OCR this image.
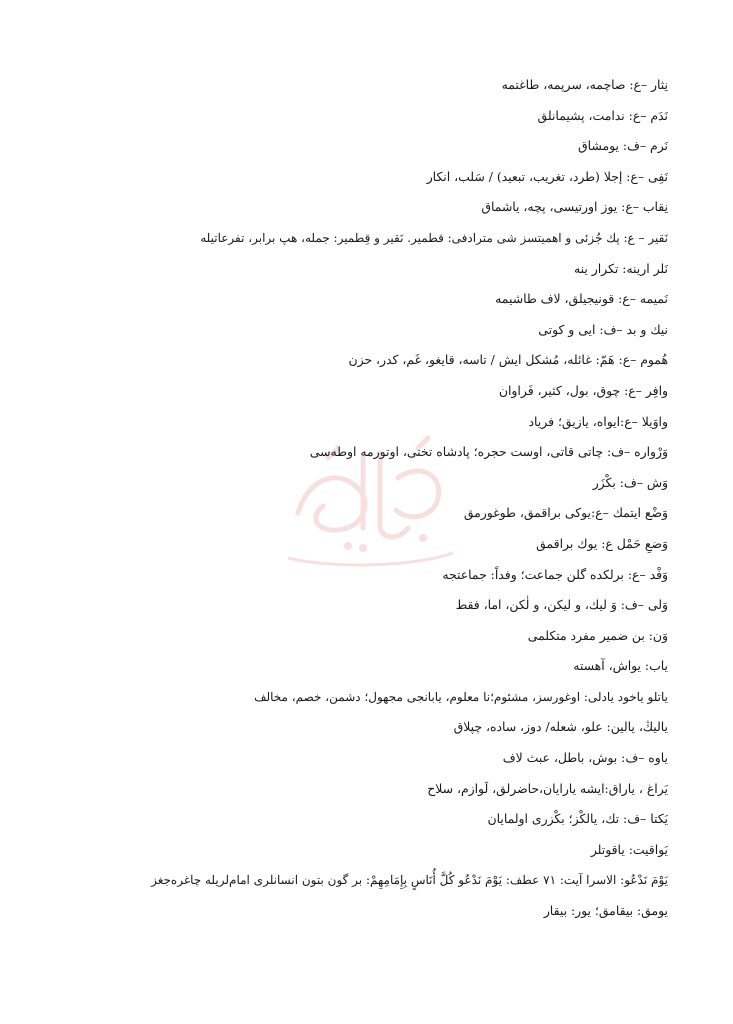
نِثار –ع: صاچمه، سرپمه، طاغتمه
نَدَم –ع: ندامت، پشیمانلق
نَرم –ف: یومشاق
نَفِی –ع: إجلا (طرد، تغریب، تبعید) / سَلب، انکار
نِقاب –ع: یوز اورتیسی، پچه، یاشماق
نَقیر – ع: پك جُزئی و اهمیتسز شی مترادفی: قطمیر. نَقیر و قِطمیر: جمله، هپ برابر، تفرعاتیله
نَلر ارینه: تکرار ینه
نَمیمه –ع: قونیجیلق، لاف طاشیمه
نیك و بد –ف: ایی و کوتی
هُموم –ع: هَمّ: غائله، مُشکل ایش / تاسه، قایغو، غَم، کدر، حزن
وافِر –ع: چوق، بول، کثیر، فَراوان
واوَیلا –ع:ایواه، یازیق؛ فریاد
وَرْواره –ف: چاتی قاتی، اوست حجره؛ پادشاه تختی، اوتورمه اوطه‌سی
وَش –ف: بکْزَر
وَضْع ایتمك –ع:یوکی براقمق، طوغورمق
وَضعِ حَمْل ع: یوك براقمق
وَفْد –ع: برلکده گلن جماعت؛ وفداً: جماعتجه
وَلی –ف: وَ لیك، و لیکن، و لٰکن، اما، فقط
وَن: بن ضمیر مفرد متکلمی
یاب: یواش، آهسته
یاتلو یاخود یادلی: اوغورسز، مشئوم؛نا معلوم، یابانجی مجهول؛ دشمن، خصم، مخالف
یالیڭ، یالین: علو، شعله/ دوز، ساده، چپلاق
یاوه –ف: بوش، باطل، عبث لاف
یَراغ ، یاراق:ایشه یارایان،حاضرلق، لَوازم، سلاح
یَکتا –ف: تك، یالکْز؛ بکْزری اولمایان
یَواقیت: یاقوتلر
یَوْمَ نَدْعُو: الاسرا آیت: ٧١ عطف: يَوْمَ نَدْعُو كُلَّ أُنَاسٍ بِإِمَامِهِمْ: بر گون بتون انسانلری امام‌لریله چاغره‌جغز
یومق: بیقامق؛ یور: بیقار
